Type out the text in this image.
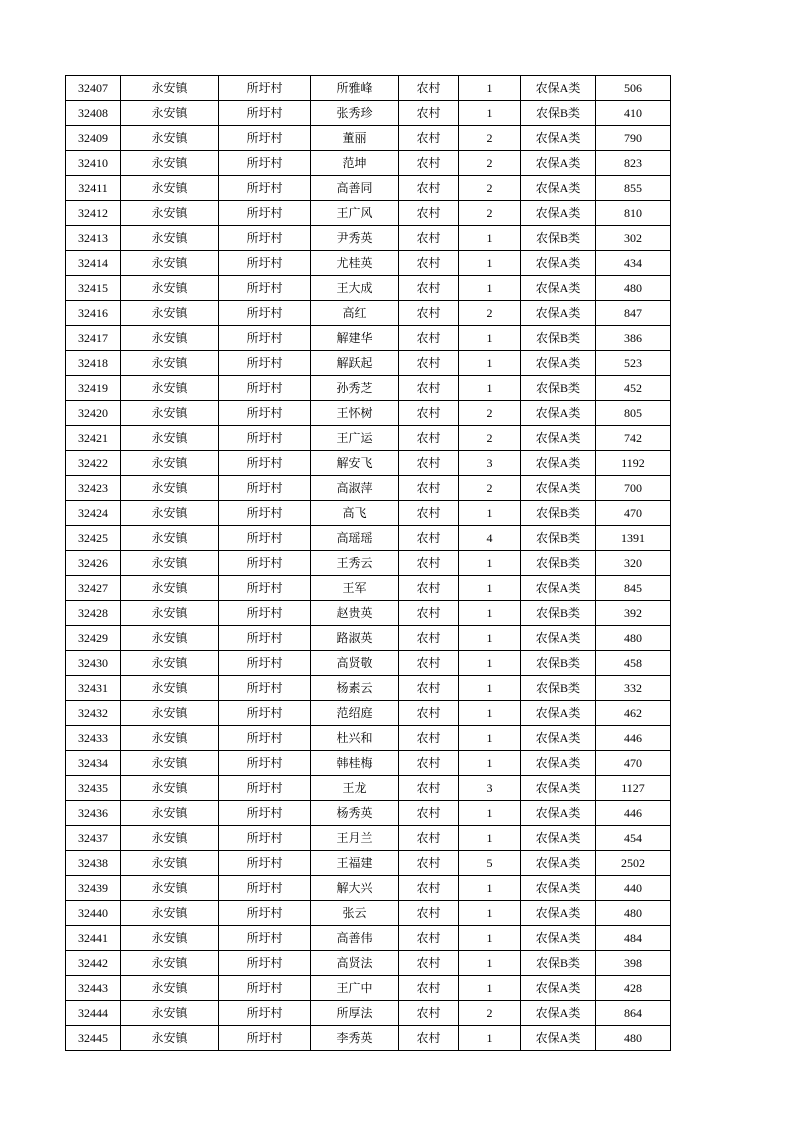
32407	永安镇	所圩村	所雅峰	农村	1	农保A类	506
32408	永安镇	所圩村	张秀珍	农村	1	农保B类	410
32409	永安镇	所圩村	董丽	农村	2	农保A类	790
32410	永安镇	所圩村	范坤	农村	2	农保A类	823
32411	永安镇	所圩村	高善同	农村	2	农保A类	855
32412	永安镇	所圩村	王广风	农村	2	农保A类	810
32413	永安镇	所圩村	尹秀英	农村	1	农保B类	302
32414	永安镇	所圩村	尤桂英	农村	1	农保A类	434
32415	永安镇	所圩村	王大成	农村	1	农保A类	480
32416	永安镇	所圩村	高红	农村	2	农保A类	847
32417	永安镇	所圩村	解建华	农村	1	农保B类	386
32418	永安镇	所圩村	解跃起	农村	1	农保A类	523
32419	永安镇	所圩村	孙秀芝	农村	1	农保B类	452
32420	永安镇	所圩村	王怀树	农村	2	农保A类	805
32421	永安镇	所圩村	王广运	农村	2	农保A类	742
32422	永安镇	所圩村	解安飞	农村	3	农保A类	1192
32423	永安镇	所圩村	高淑萍	农村	2	农保A类	700
32424	永安镇	所圩村	高飞	农村	1	农保B类	470
32425	永安镇	所圩村	高瑶瑶	农村	4	农保B类	1391
32426	永安镇	所圩村	王秀云	农村	1	农保B类	320
32427	永安镇	所圩村	王军	农村	1	农保A类	845
32428	永安镇	所圩村	赵贵英	农村	1	农保B类	392
32429	永安镇	所圩村	路淑英	农村	1	农保A类	480
32430	永安镇	所圩村	高贤敬	农村	1	农保B类	458
32431	永安镇	所圩村	杨素云	农村	1	农保B类	332
32432	永安镇	所圩村	范绍庭	农村	1	农保A类	462
32433	永安镇	所圩村	杜兴和	农村	1	农保A类	446
32434	永安镇	所圩村	韩桂梅	农村	1	农保A类	470
32435	永安镇	所圩村	王龙	农村	3	农保A类	1127
32436	永安镇	所圩村	杨秀英	农村	1	农保A类	446
32437	永安镇	所圩村	王月兰	农村	1	农保A类	454
32438	永安镇	所圩村	王福建	农村	5	农保A类	2502
32439	永安镇	所圩村	解大兴	农村	1	农保A类	440
32440	永安镇	所圩村	张云	农村	1	农保A类	480
32441	永安镇	所圩村	高善伟	农村	1	农保A类	484
32442	永安镇	所圩村	高贤法	农村	1	农保B类	398
32443	永安镇	所圩村	王广中	农村	1	农保A类	428
32444	永安镇	所圩村	所厚法	农村	2	农保A类	864
32445	永安镇	所圩村	李秀英	农村	1	农保A类	480
